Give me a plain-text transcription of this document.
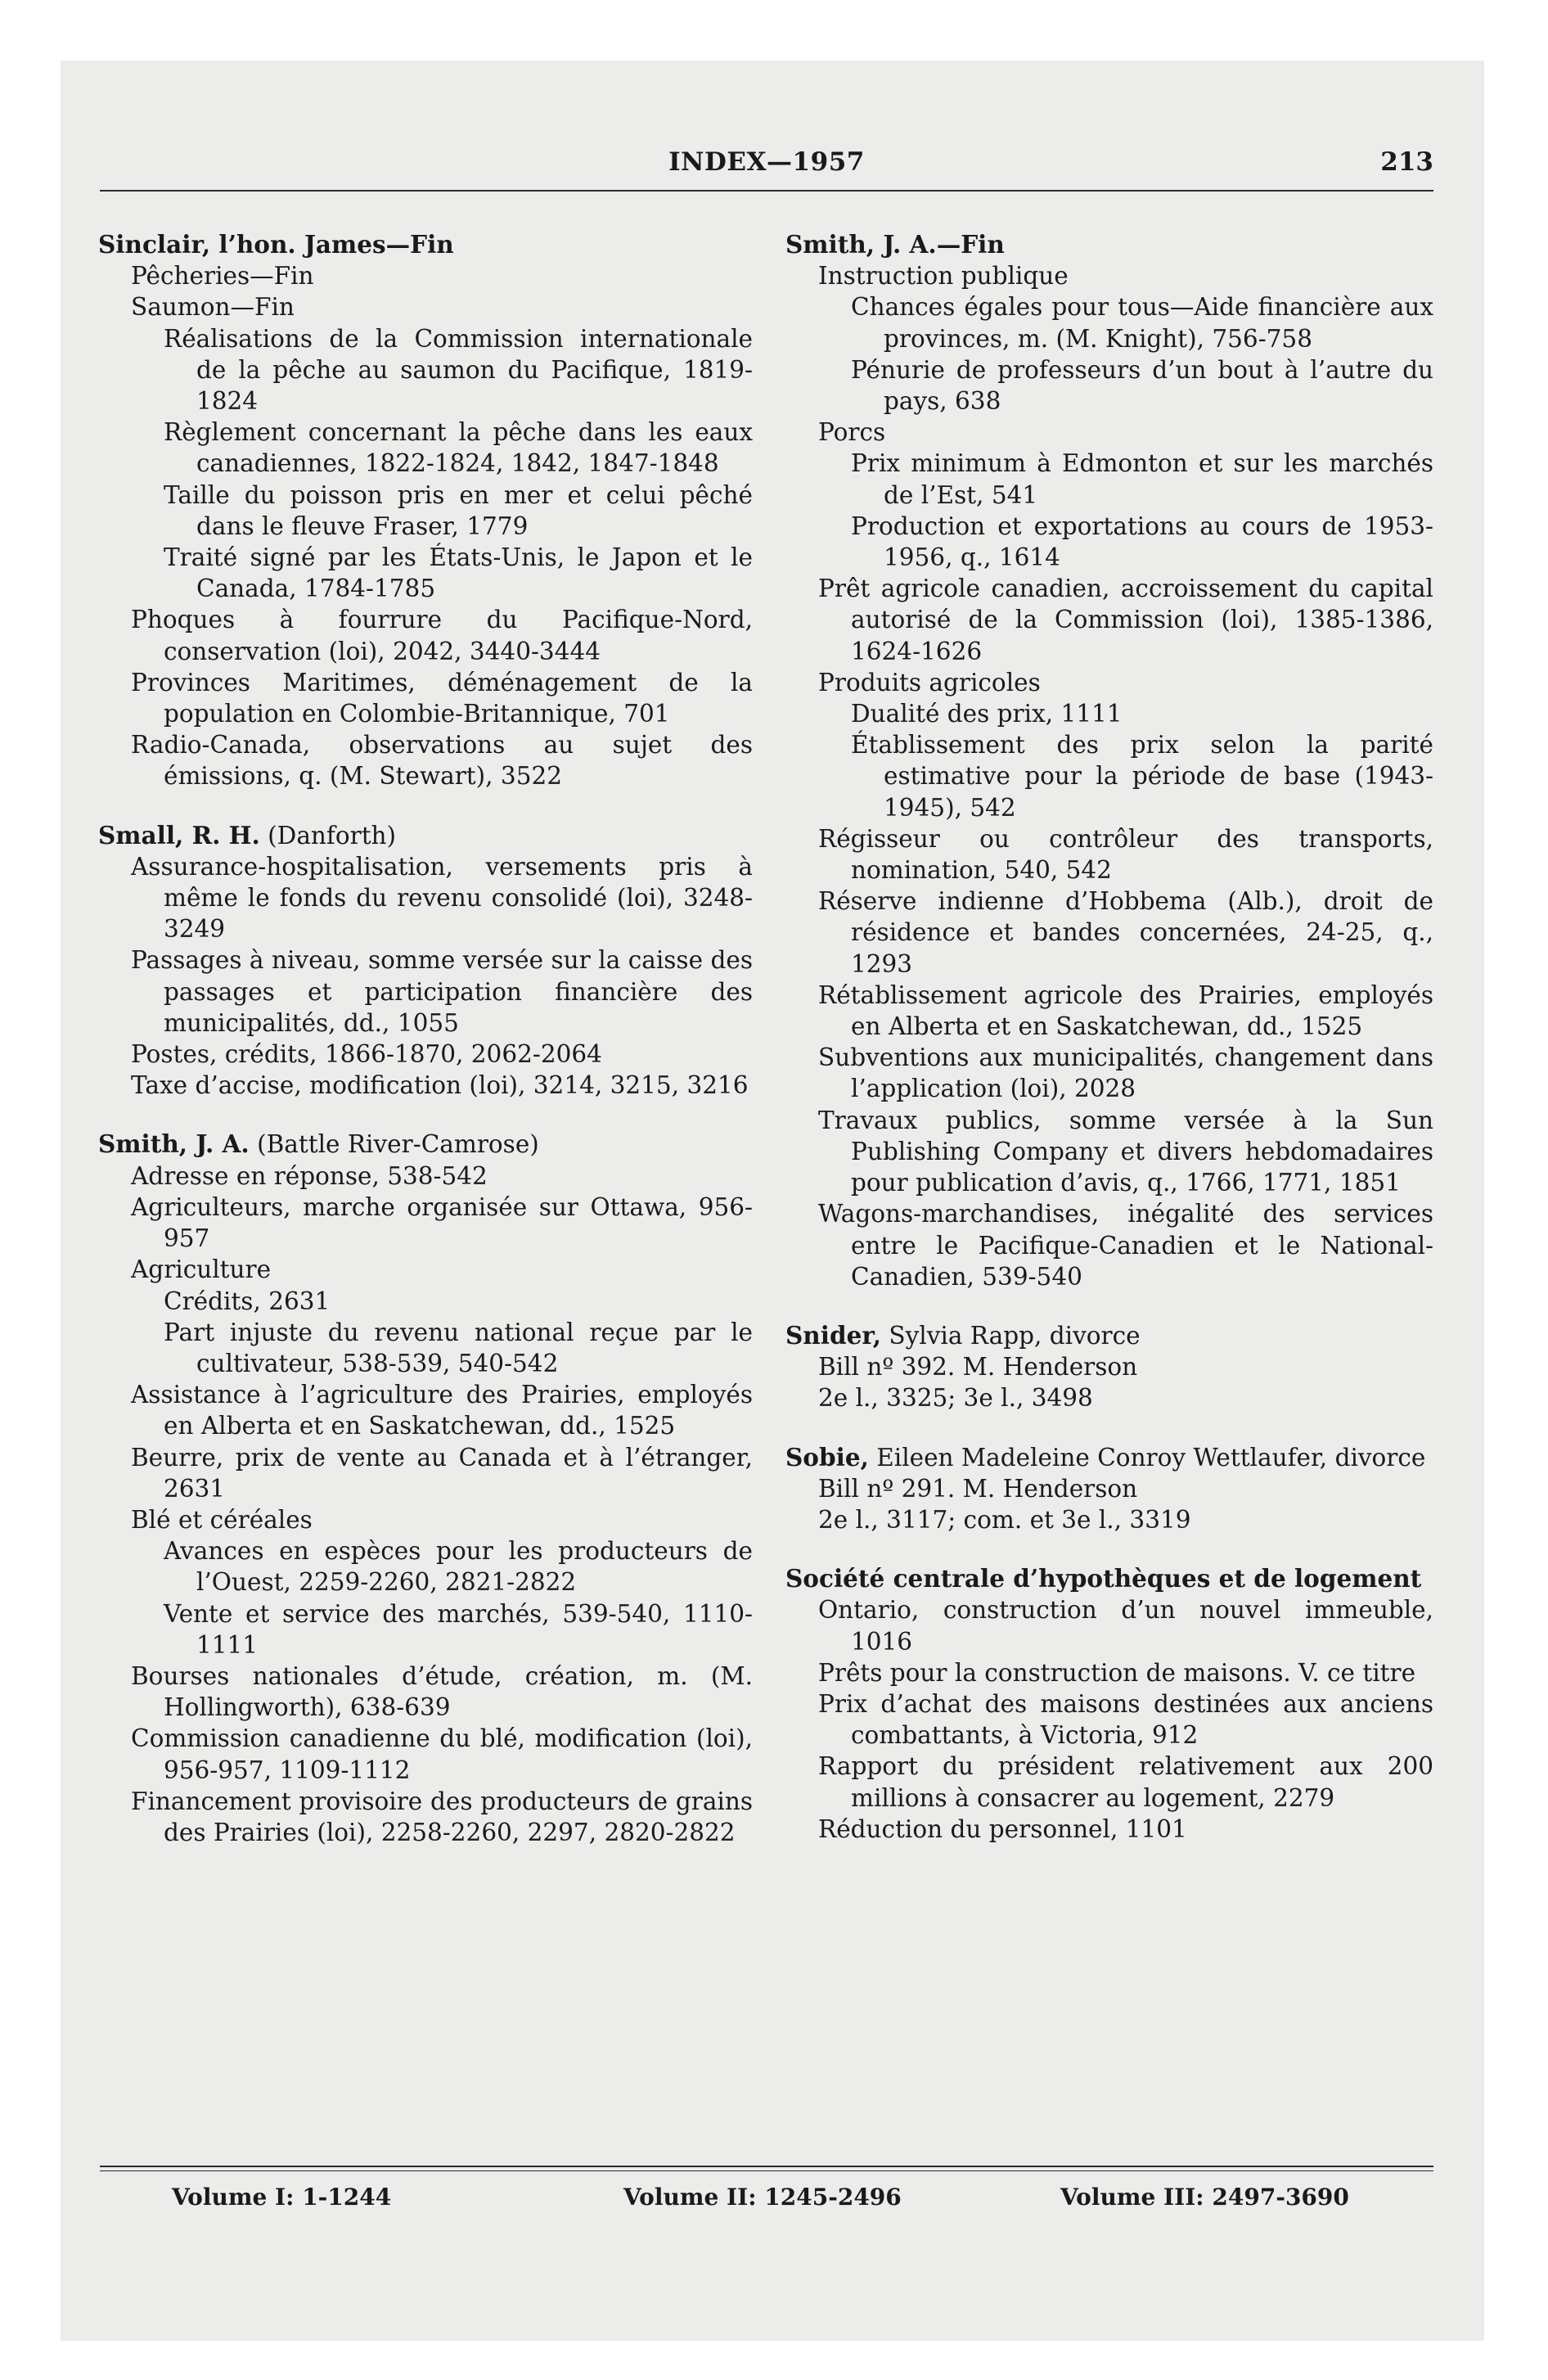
INDEX—1957	213

Sinclair, l’hon. James—Fin

Pêcheries—Fin

Saumon—Fin

Réalisations de la Commission internationale de la pêche au saumon du Pacifique, 1819-1824

Règlement concernant la pêche dans les eaux canadiennes, 1822-1824, 1842, 1847-1848

Taille du poisson pris en mer et celui pêché dans le fleuve Fraser, 1779

Traité signé par les États-Unis, le Japon et le Canada, 1784-1785

Phoques à fourrure du Pacifique-Nord, conservation (loi), 2042, 3440-3444

Provinces Maritimes, déménagement de la population en Colombie-Britannique, 701

Radio-Canada, observations au sujet des émissions, q. (M. Stewart), 3522

Small, R. H. (Danforth)

Assurance-hospitalisation, versements pris à même le fonds du revenu consolidé (loi), 3248-3249

Passages à niveau, somme versée sur la caisse des passages et participation financière des municipalités, dd., 1055

Postes, crédits, 1866-1870, 2062-2064

Taxe d’accise, modification (loi), 3214, 3215, 3216

Smith, J. A. (Battle River-Camrose)

Adresse en réponse, 538-542

Agriculteurs, marche organisée sur Ottawa, 956-957

Agriculture

Crédits, 2631

Part injuste du revenu national reçue par le cultivateur, 538-539, 540-542

Assistance à l’agriculture des Prairies, employés en Alberta et en Saskatchewan, dd., 1525

Beurre, prix de vente au Canada et à l’étranger, 2631

Blé et céréales

Avances en espèces pour les producteurs de l’Ouest, 2259-2260, 2821-2822

Vente et service des marchés, 539-540, 1110-1111

Bourses nationales d’étude, création, m. (M. Hollingworth), 638-639

Commission canadienne du blé, modification (loi), 956-957, 1109-1112

Financement provisoire des producteurs de grains des Prairies (loi), 2258-2260, 2297, 2820-2822

Smith, J. A.—Fin

Instruction publique

Chances égales pour tous—Aide financière aux provinces, m. (M. Knight), 756-758

Pénurie de professeurs d’un bout à l’autre du pays, 638

Porcs

Prix minimum à Edmonton et sur les marchés de l’Est, 541

Production et exportations au cours de 1953-1956, q., 1614

Prêt agricole canadien, accroissement du capital autorisé de la Commission (loi), 1385-1386, 1624-1626

Produits agricoles

Dualité des prix, 1111

Établissement des prix selon la parité estimative pour la période de base (1943-1945), 542

Régisseur ou contrôleur des transports, nomination, 540, 542

Réserve indienne d’Hobbema (Alb.), droit de résidence et bandes concernées, 24-25, q., 1293

Rétablissement agricole des Prairies, employés en Alberta et en Saskatchewan, dd., 1525

Subventions aux municipalités, changement dans l’application (loi), 2028

Travaux publics, somme versée à la Sun Publishing Company et divers hebdomadaires pour publication d’avis, q., 1766, 1771, 1851

Wagons-marchandises, inégalité des services entre le Pacifique-Canadien et le National-Canadien, 539-540

Snider, Sylvia Rapp, divorce

Bill nº 392. M. Henderson

2e l., 3325; 3e l., 3498

Sobie, Eileen Madeleine Conroy Wettlaufer, divorce

Bill nº 291. M. Henderson

2e l., 3117; com. et 3e l., 3319

Société centrale d’hypothèques et de logement

Ontario, construction d’un nouvel immeuble, 1016

Prêts pour la construction de maisons. V. ce titre

Prix d’achat des maisons destinées aux anciens combattants, à Victoria, 912

Rapport du président relativement aux 200 millions à consacrer au logement, 2279

Réduction du personnel, 1101

Volume I: 1-1244	Volume II: 1245-2496	Volume III: 2497-3690
